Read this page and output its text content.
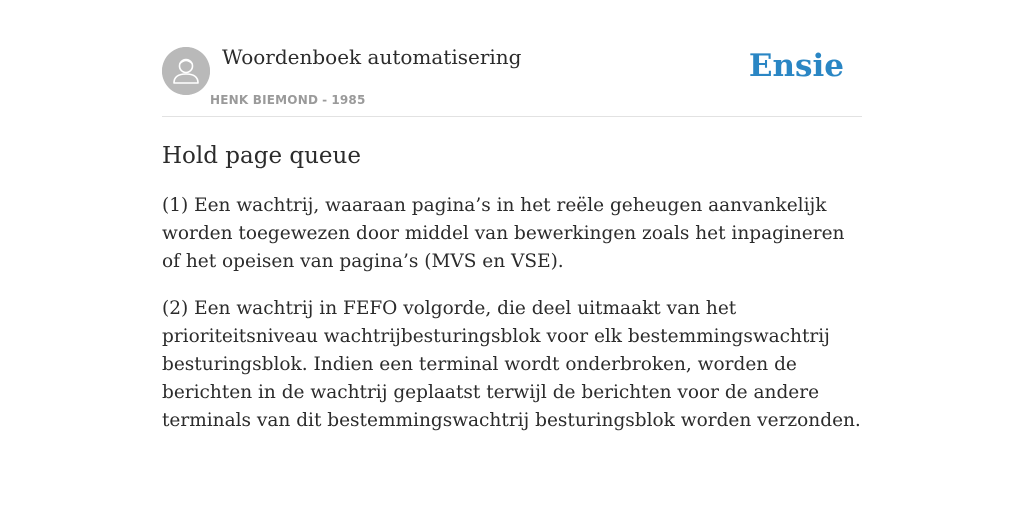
Woordenboek automatisering
HENK BIEMOND - 1985
Ensie
Hold page queue

(1) Een wachtrij, waaraan pagina’s in het reële geheugen aanvankelijk worden toegewezen door middel van bewerkingen zoals het inpagineren of het opeisen van pagina’s (MVS en VSE).

(2) Een wachtrij in FEFO volgorde, die deel uitmaakt van het prioriteitsniveau wachtrijbesturingsblok voor elk bestemmingswachtrij besturingsblok. Indien een terminal wordt onderbroken, worden de berichten in de wachtrij geplaatst terwijl de berichten voor de andere terminals van dit bestemmingswachtrij besturingsblok worden verzonden.
